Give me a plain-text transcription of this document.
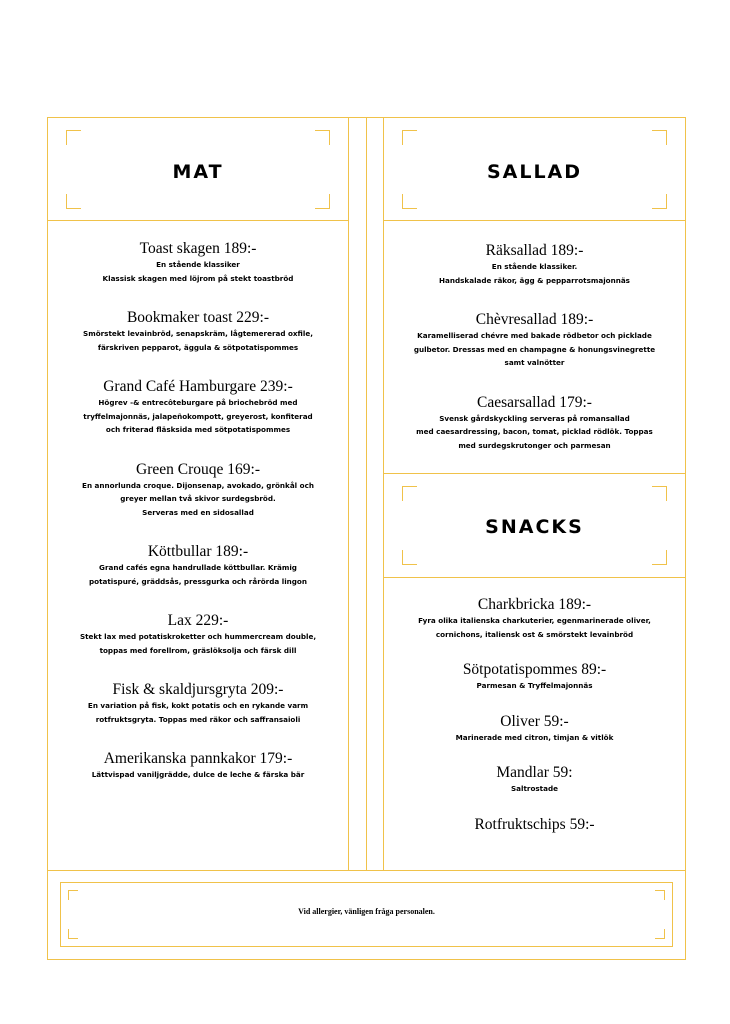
MAT	SALLAD
SNACKS
Toast skagen 189:-
En stående klassiker
Klassisk skagen med löjrom på stekt toastbröd
Bookmaker toast 229:-
Smörstekt levainbröd, senapskräm, lågtemererad oxfile,
färskriven pepparot, äggula & sötpotatispommes
Grand Café Hamburgare 239:-
Högrev -& entrecôteburgare på briochebröd med
tryffelmajonnäs, jalapeñokompott, greyerost, konfiterad
och friterad fläsksida med sötpotatispommes
Green Crouqe 169:-
En annorlunda croque. Dijonsenap, avokado, grönkål och
greyer mellan två skivor surdegsbröd.
Serveras med en sidosallad
Köttbullar 189:-
Grand cafés egna handrullade köttbullar. Krämig
potatispuré, gräddsås, pressgurka och rårörda lingon
Lax 229:-
Stekt lax med potatiskroketter och hummercream double,
toppas med forellrom, gräslöksolja och färsk dill
Fisk & skaldjursgryta 209:-
En variation på fisk, kokt potatis och en rykande varm
rotfruktsgryta. Toppas med räkor och saffransaioli
Amerikanska pannkakor 179:-
Lättvispad vaniljgrädde, dulce de leche & färska bär
Räksallad 189:-
En stående klassiker.
Handskalade räkor, ägg & pepparrotsmajonnäs
Chèvresallad 189:-
Karamelliserad chévre med bakade rödbetor och picklade
gulbetor. Dressas med en champagne & honungsvinegrette
samt valnötter
Caesarsallad 179:-
Svensk gårdskyckling serveras på romansallad
med caesardressing, bacon, tomat, picklad rödlök. Toppas
med surdegskrutonger och parmesan
Charkbricka 189:-
Fyra olika italienska charkuterier, egenmarinerade oliver,
cornichons, italiensk ost & smörstekt levainbröd
Sötpotatispommes 89:-
Parmesan & Tryffelmajonnäs
Oliver 59:-
Marinerade med citron, timjan & vitlök
Mandlar 59:
Saltrostade
Rotfruktschips 59:-
Vid allergier, vänligen fråga personalen.
